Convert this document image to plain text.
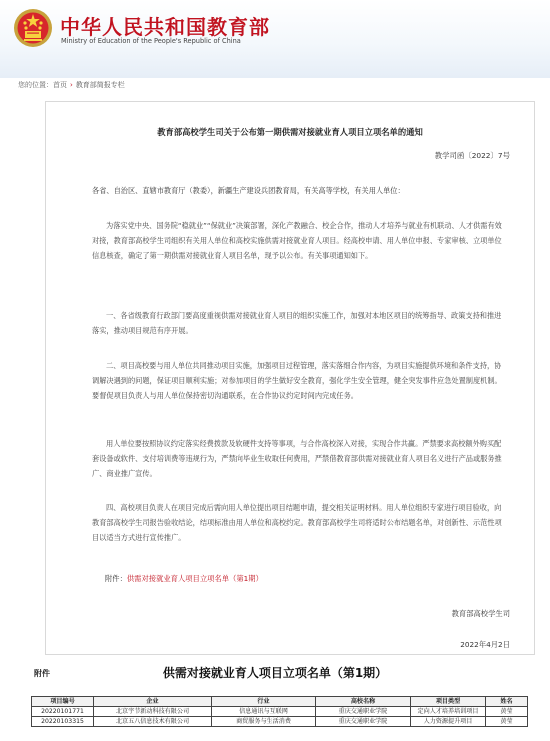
中华人民共和国教育部
Ministry of Education of the People's Republic of China
您的位置：首页 › 教育部简报专栏
教育部高校学生司关于公布第一期供需对接就业育人项目立项名单的通知
教学司函〔2022〕7号
各省、自治区、直辖市教育厅（教委），新疆生产建设兵团教育局，有关高等学校，有关用人单位：

为落实党中央、国务院“稳就业”“保就业”决策部署，深化产教融合、校企合作，推动人才培养与就业有机联动、人才供需有效对接，教育部高校学生司组织有关用人单位和高校实施供需对接就业育人项目。经高校申请、用人单位申报、专家审核、立项单位信息核查，确定了第一期供需对接就业育人项目名单，现予以公布。有关事项通知如下。

一、各省级教育行政部门要高度重视供需对接就业育人项目的组织实施工作，加强对本地区项目的统筹指导、政策支持和推进落实，推动项目规范有序开展。

二、项目高校要与用人单位共同推动项目实施，加强项目过程管理，落实落细合作内容，为项目实施提供环境和条件支持，协调解决遇到的问题，保证项目顺利实施；对参加项目的学生做好安全教育，强化学生安全管理，健全突发事件应急处置制度机制。要督促项目负责人与用人单位保持密切沟通联系，在合作协议约定时间内完成任务。

用人单位要按照协议约定落实经费拨款及软硬件支持等事项，与合作高校深入对接，实现合作共赢。严禁要求高校额外购买配套设备或软件、支付培训费等违规行为，严禁向毕业生收取任何费用，严禁借教育部供需对接就业育人项目名义进行产品或服务推广、商业推广宣传。

四、高校项目负责人在项目完成后需向用人单位提出项目结题申请，提交相关证明材料。用人单位组织专家进行项目验收，向教育部高校学生司报告验收结论，结项标准由用人单位和高校约定。教育部高校学生司将适时公布结题名单，对创新性、示范性项目以适当方式进行宣传推广。

附件：供需对接就业育人项目立项名单（第1期）
教育部高校学生司
2022年4月2日
供需对接就业育人项目立项名单（第1期）
附件
项目编号	企业	行业	高校名称	项目类型	姓名
20220101771	北京宇节新动科技有限公司	信息通讯与互联网	重庆交通职业学院	定向人才培养培训项目	黄莹
20220103315	北京五八信息技术有限公司	商贸服务与生活消费	重庆交通职业学院	人力资源提升项目	黄莹
